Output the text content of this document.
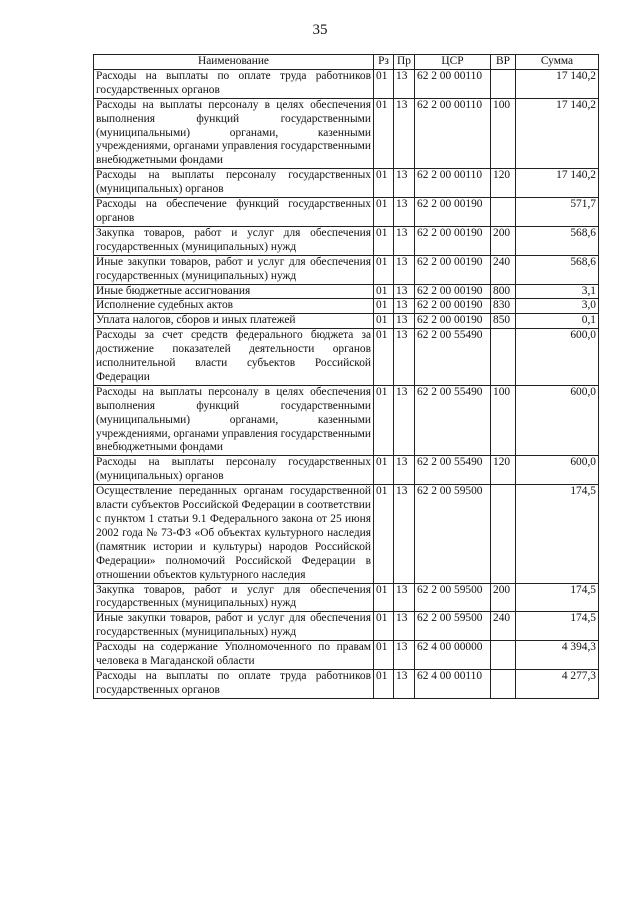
35
Наименование	Рз	Пр	ЦСР	ВР	Сумма
Расходы на выплаты по оплате труда работников государственных органов	01	13	62 2 00 00110		17 140,2
Расходы на выплаты персоналу в целях обеспечения выполнения функций государственными (муниципальными) органами, казенными учреждениями, органами управления государственными внебюджетными фондами	01	13	62 2 00 00110	100	17 140,2
Расходы на выплаты персоналу государственных (муниципальных) органов	01	13	62 2 00 00110	120	17 140,2
Расходы на обеспечение функций государственных органов	01	13	62 2 00 00190		571,7
Закупка товаров, работ и услуг для обеспечения государственных (муниципальных) нужд	01	13	62 2 00 00190	200	568,6
Иные закупки товаров, работ и услуг для обеспечения государственных (муниципальных) нужд	01	13	62 2 00 00190	240	568,6
Иные бюджетные ассигнования	01	13	62 2 00 00190	800	3,1
Исполнение судебных актов	01	13	62 2 00 00190	830	3,0
Уплата налогов, сборов и иных платежей	01	13	62 2 00 00190	850	0,1
Расходы за счет средств федерального бюджета за достижение показателей деятельности органов исполнительной власти субъектов Российской Федерации	01	13	62 2 00 55490		600,0
Расходы на выплаты персоналу в целях обеспечения выполнения функций государственными (муниципальными) органами, казенными учреждениями, органами управления государственными внебюджетными фондами	01	13	62 2 00 55490	100	600,0
Расходы на выплаты персоналу государственных (муниципальных) органов	01	13	62 2 00 55490	120	600,0
Осуществление переданных органам государственной власти субъектов Российской Федерации в соответствии с пунктом 1 статьи 9.1 Федерального закона от 25 июня 2002 года № 73-ФЗ «Об объектах культурного наследия (памятник истории и культуры) народов Российской Федерации» полномочий Российской Федерации в отношении объектов культурного наследия	01	13	62 2 00 59500		174,5
Закупка товаров, работ и услуг для обеспечения государственных (муниципальных) нужд	01	13	62 2 00 59500	200	174,5
Иные закупки товаров, работ и услуг для обеспечения государственных (муниципальных) нужд	01	13	62 2 00 59500	240	174,5
Расходы на содержание Уполномоченного по правам человека в Магаданской области	01	13	62 4 00 00000		4 394,3
Расходы на выплаты по оплате труда работников государственных органов	01	13	62 4 00 00110		4 277,3
